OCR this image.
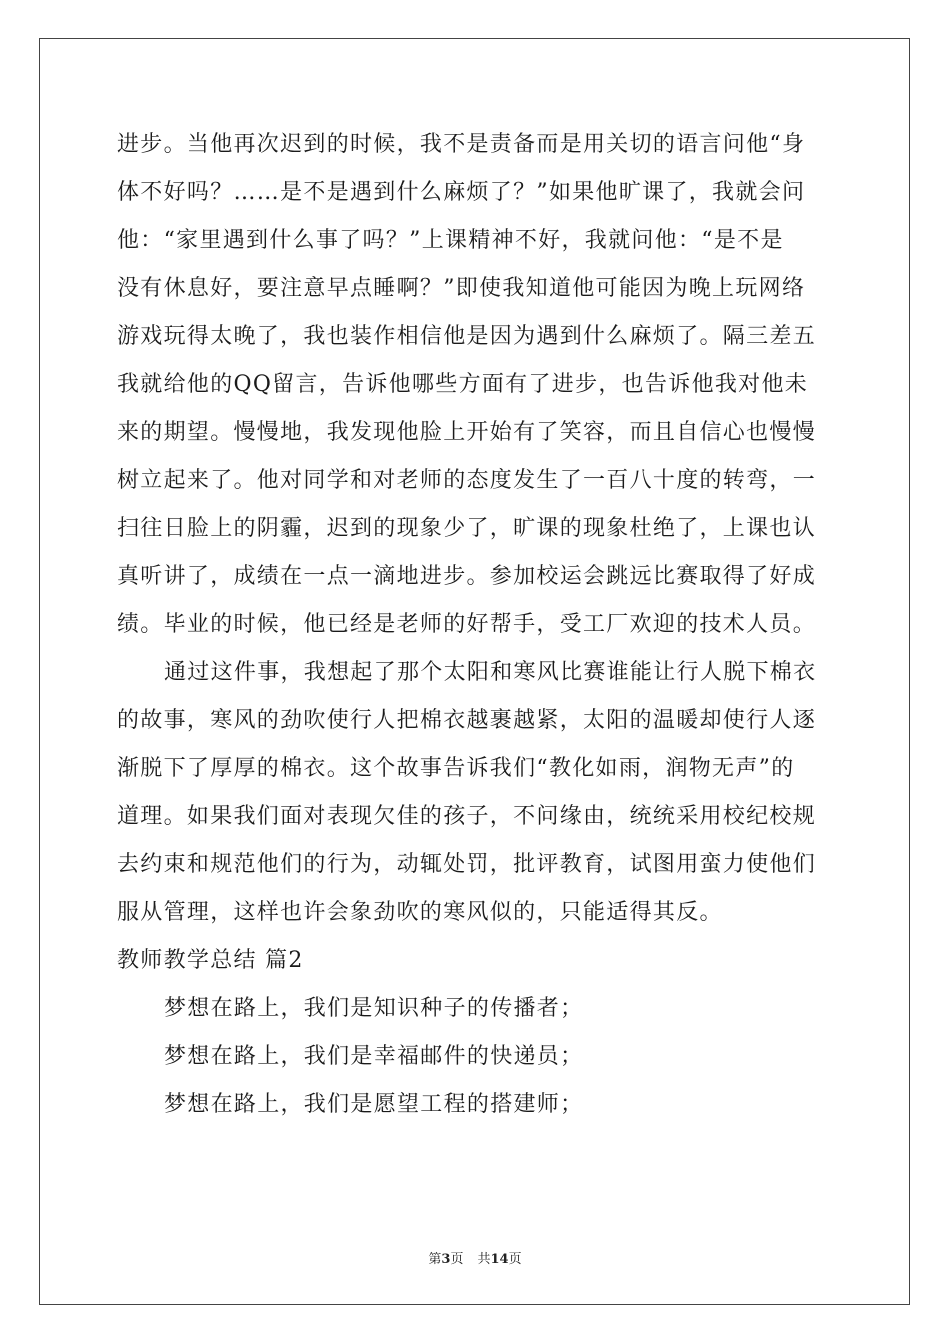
进步。当他再次迟到的时候，我不是责备而是用关切的语言问他“身
体不好吗？……是不是遇到什么麻烦了？”如果他旷课了，我就会问
他：“家里遇到什么事了吗？”上课精神不好，我就问他：“是不是
没有休息好，要注意早点睡啊？”即使我知道他可能因为晚上玩网络
游戏玩得太晚了，我也装作相信他是因为遇到什么麻烦了。隔三差五
我就给他的QQ留言，告诉他哪些方面有了进步，也告诉他我对他未
来的期望。慢慢地，我发现他脸上开始有了笑容，而且自信心也慢慢
树立起来了。他对同学和对老师的态度发生了一百八十度的转弯，一
扫往日脸上的阴霾，迟到的现象少了，旷课的现象杜绝了，上课也认
真听讲了，成绩在一点一滴地进步。参加校运会跳远比赛取得了好成
绩。毕业的时候，他已经是老师的好帮手，受工厂欢迎的技术人员。
通过这件事，我想起了那个太阳和寒风比赛谁能让行人脱下棉衣
的故事，寒风的劲吹使行人把棉衣越裹越紧，太阳的温暖却使行人逐
渐脱下了厚厚的棉衣。这个故事告诉我们“教化如雨，润物无声”的
道理。如果我们面对表现欠佳的孩子，不问缘由，统统采用校纪校规
去约束和规范他们的行为，动辄处罚，批评教育，试图用蛮力使他们
服从管理，这样也许会象劲吹的寒风似的，只能适得其反。
教师教学总结 篇2
梦想在路上，我们是知识种子的传播者；
梦想在路上，我们是幸福邮件的快递员；
梦想在路上，我们是愿望工程的搭建师；
第3页 共14页
